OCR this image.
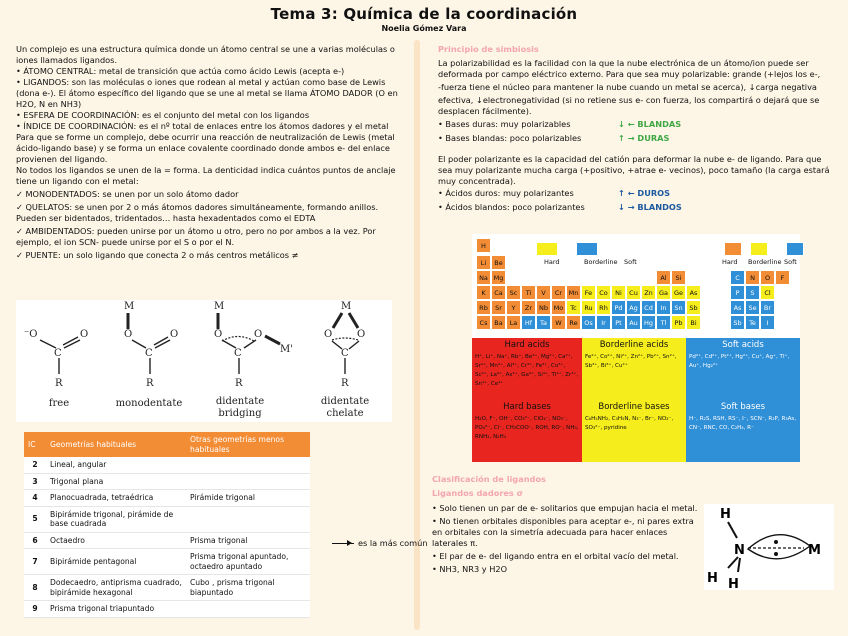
Tema 3: Química de la coordinación
Noelia Gómez Vara

Un complejo es una estructura química donde un átomo central se une a varias moléculas o iones llamados ligandos.

• ÁTOMO CENTRAL: metal de transición que actúa como ácido Lewis (acepta e-)

• LIGANDOS: son las moléculas o iones que rodean al metal y actúan como base de Lewis (dona e-). El átomo específico del ligando que se une al metal se llama ÁTOMO DADOR (O en H2O, N en NH3)

• ESFERA DE COORDINACIÓN: es el conjunto del metal con los ligandos

• ÍNDICE DE COORDINACIÓN: es el nº total de enlaces entre los átomos dadores y el metal

Para que se forme un complejo, debe ocurrir una reacción de neutralización de Lewis (metal ácido-ligando base) y se forma un enlace covalente coordinado donde ambos e- del enlace provienen del ligando.

No todos los ligandos se unen de la = forma. La denticidad indica cuántos puntos de anclaje tiene un ligando con el metal:

✓ MONODENTADOS: se unen por un solo átomo dador

✓ QUELATOS: se unen por 2 o más átomos dadores simultáneamente, formando anillos. Pueden ser bidentados, tridentados… hasta hexadentados como el EDTA

✓ AMBIDENTADOS: pueden unirse por un átomo u otro, pero no por ambos a la vez. Por ejemplo, el ion SCN- puede unirse por el S o por el N.

✓ PUENTE: un solo ligando que conecta 2 o más centros metálicos ≠

⁻O
C
O
R
M
O
C
O
R
M
O
C
O
M'
R
M
O O
C
R
free	monodentate	didentate
bridging
didentate
chelate
IC	Geometrías habituales	Otras geometrías menos habituales
2	Lineal, angular	
3	Trigonal plana	
4	Planocuadrada, tetraédrica	Pirámide trigonal
5	Bipirámide trigonal, pirámide de base cuadrada	
6	Octaedro	Prisma trigonal
7	Bipirámide pentagonal	Prisma trigonal apuntado, octaedro apuntado
8	Dodecaedro, antiprisma cuadrado, bipirámide hexagonal	Cubo , prisma trigonal biapuntado
9	Prisma trigonal triapuntado	
es la más común

Principio de simbiosis

La polarizabilidad es la facilidad con la que la nube electrónica de un átomo/ion puede ser deformada por campo eléctrico externo. Para que sea muy polarizable: grande (+lejos los e-,

-fuerza tiene el núcleo para mantener la nube cuando un metal se acerca), ↓carga negativa

efectiva, ↓electronegatividad (si no retiene sus e- con fuerza, los compartirá o dejará que se desplacen fácilmente).

• Bases duras: muy polarizables	↓ ← BLANDAS
• Bases blandas: poco polarizables	↑ → DURAS

El poder polarizante es la capacidad del catión para deformar la nube e- de ligando. Para que sea muy polarizante mucha carga (+positivo, +atrae e- vecinos), poco tamaño (la carga estará muy concentrada).

• Ácidos duros: muy polarizantes	↑ ← DUROS
• Ácidos blandos: poco polarizantes	↓ → BLANDOS
H
Li	Be
Na Mg	Al	Si
K	Ca	Sc	Ti	V	Cr	Mn Fe	Co	Ni	Cu Zn Ga Ge	As
Rb	Sr	Y	Zr	Nb Mo	Tc	Ru	Rh	Pd	Ag Cd	In	Sn	Sb
Cs	Ba	La	Hf	Ta	W	Re	Os	Ir	Pt	Au Hg	Tl	Pb	Bi
C	N	O	F
P	S	Cl
As	Se	Br
Sb	Te	I
Hard	Borderline Soft	Hard Borderline Soft
Hard acids
H⁺, Li⁺, Na⁺, Rb⁺, Be²⁺, Mg²⁺, Ca²⁺, Sr²⁺, Mn²⁺, Al³⁺, Cr³⁺, Fe³⁺, Co³⁺, Sc³⁺, La³⁺, As³⁺, Ga³⁺, Si⁴⁺, Ti⁴⁺, Zr⁴⁺, Sn⁴⁺, Ce⁴⁺
Borderline acids
Fe²⁺, Co²⁺, Ni²⁺, Zn²⁺, Pb²⁺, Sn²⁺, Sb³⁺, Bi³⁺, Cu²⁺
Soft acids
Pd²⁺, Cd²⁺, Pt²⁺, Hg²⁺, Cu⁺, Ag⁺, Tl⁺, Au⁺, Hg₂²⁺
Hard bases
H₂O, F⁻, OH⁻, CO₃²⁻, ClO₄⁻, NO₃⁻, PO₄³⁻, Cl⁻, CH₃COO⁻, ROH, RO⁻, NH₃, RNH₂, N₂H₄
Borderline bases
C₆H₅NH₂, C₅H₅N, N₃⁻, Br⁻, NO₂⁻, SO₃²⁻, pyridine
Soft bases
H⁻, R₂S, RSH, RS⁻, I⁻, SCN⁻, R₃P, R₃As, CN⁻, RNC, CO, C₂H₄, R⁻

Clasificación de ligandos

Ligandos dadores σ

• Solo tienen un par de e- solitarios que empujan hacia el metal.

• No tienen orbitales disponibles para aceptar e-, ni pares extra en orbitales con la simetría adecuada para hacer enlaces laterales π.

• El par de e- del ligando entra en el orbital vacío del metal.

• NH3, NR3 y H2O

H
N
H H
M
